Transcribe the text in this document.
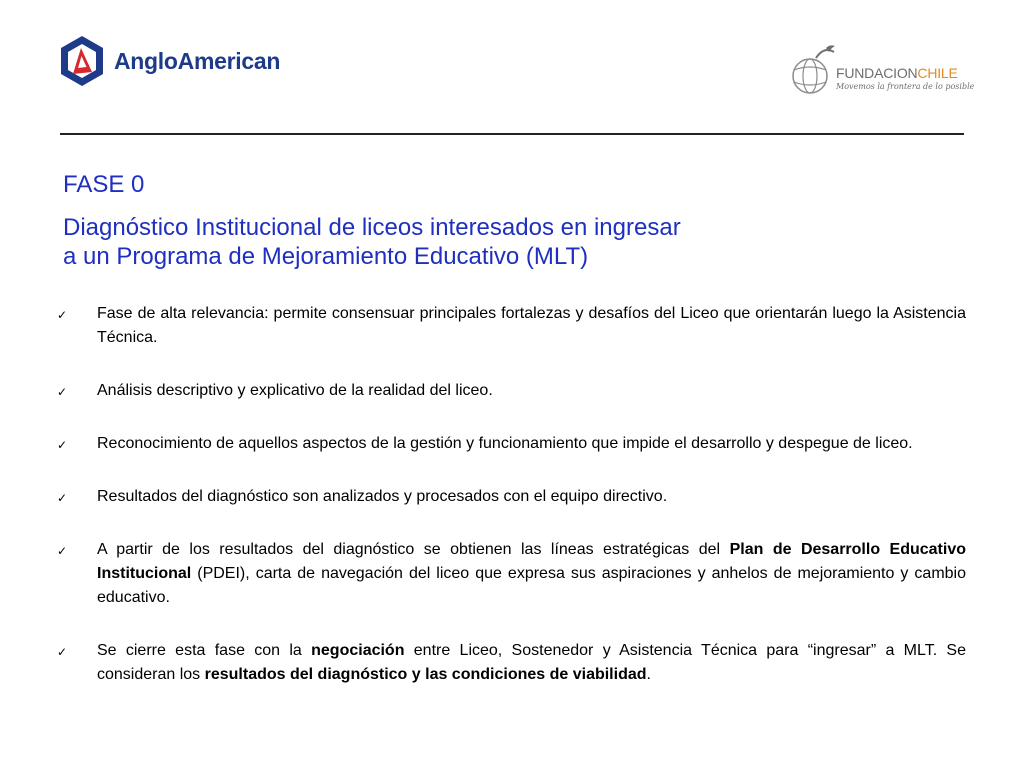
AngloAmerican	FUNDACIONCHILE
Movemos la frontera de lo posible
FASE 0
Diagnóstico Institucional de liceos interesados en ingresar
a un Programa de Mejoramiento Educativo (MLT)
✓ Fase de alta relevancia: permite consensuar principales fortalezas y desafíos del Liceo que orientarán luego la Asistencia Técnica.
✓ Análisis descriptivo y explicativo de la realidad del liceo.
✓ Reconocimiento de aquellos aspectos de la gestión y funcionamiento que impide el desarrollo y despegue de liceo.
✓ Resultados del diagnóstico son analizados y procesados con el equipo directivo.
✓ A partir de los resultados del diagnóstico se obtienen las líneas estratégicas del Plan de Desarrollo Educativo Institucional (PDEI), carta de navegación del liceo que expresa sus aspiraciones y anhelos de mejoramiento y cambio educativo.
✓ Se cierre esta fase con la negociación entre Liceo, Sostenedor y Asistencia Técnica para “ingresar” a MLT. Se consideran los resultados del diagnóstico y las condiciones de viabilidad.
